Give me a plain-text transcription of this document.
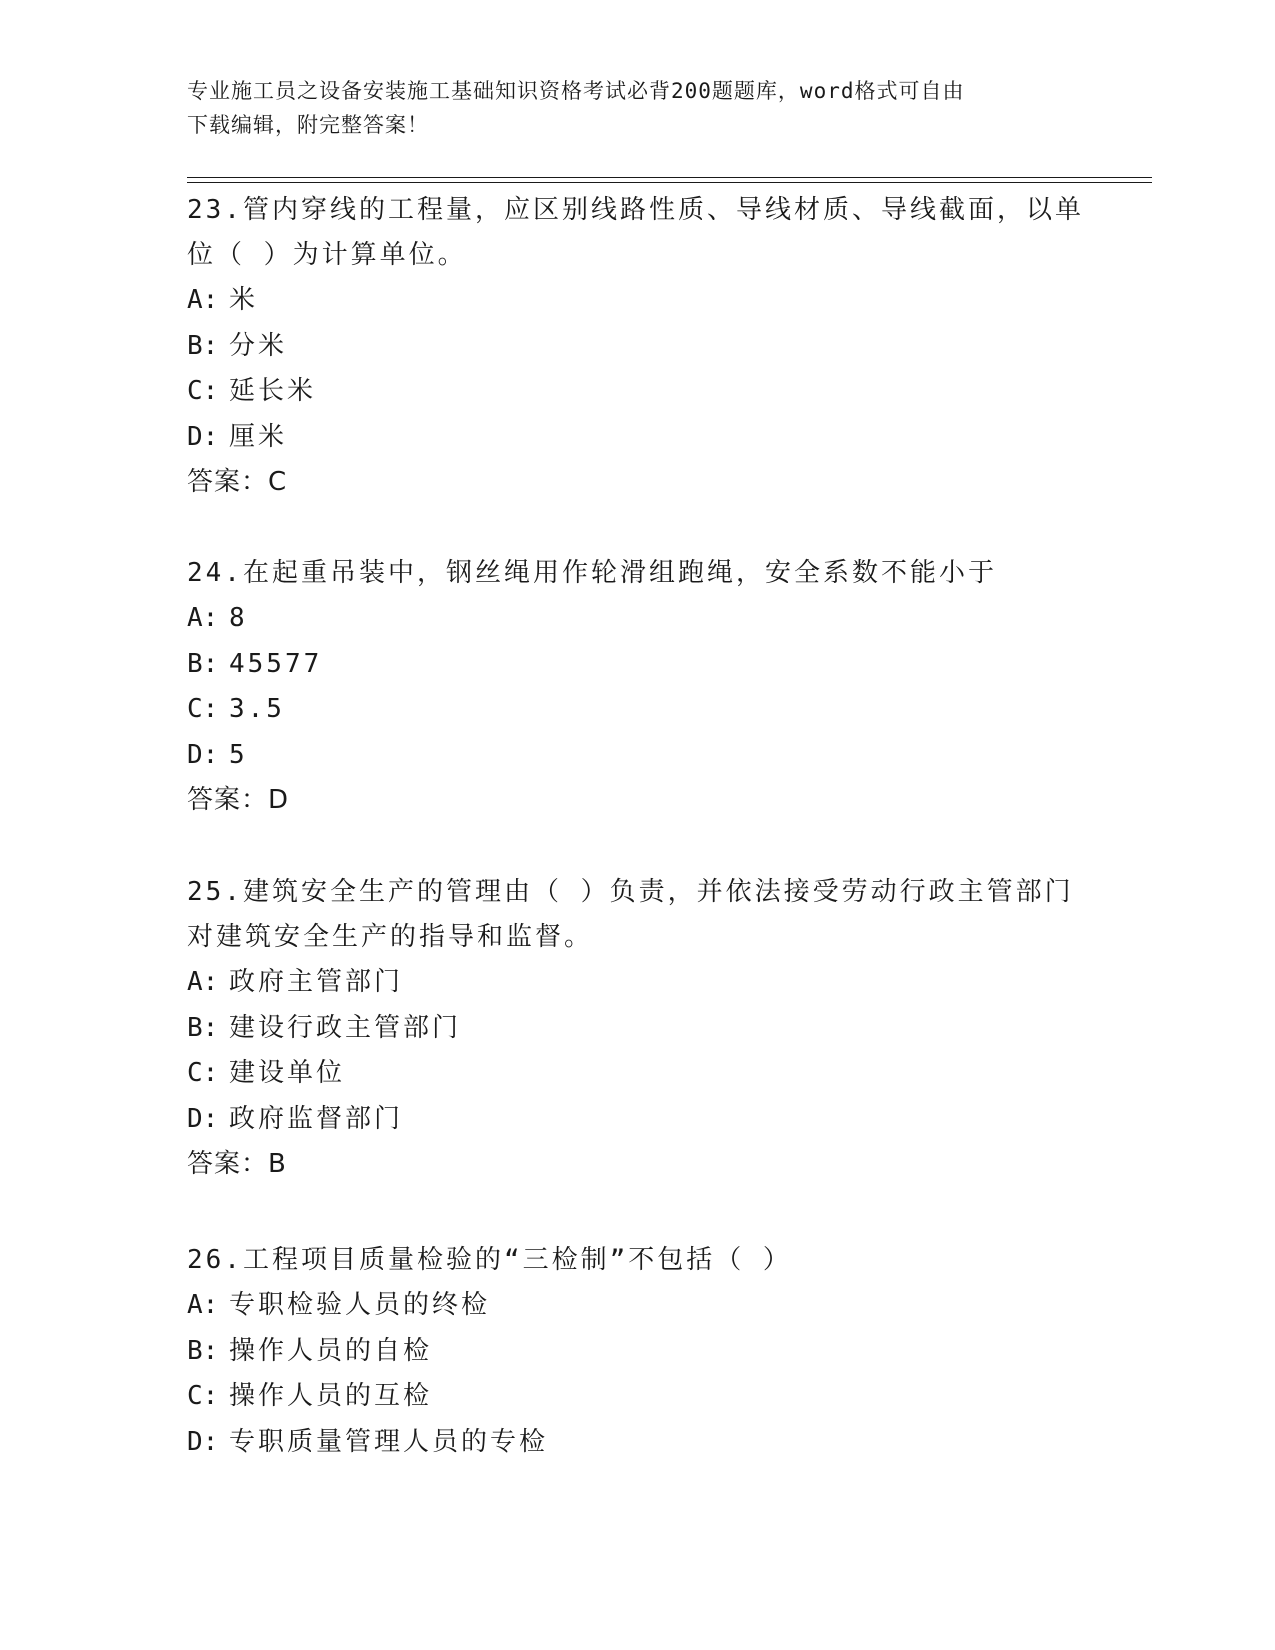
专业施工员之设备安装施工基础知识资格考试必背200题题库，word格式可自由
下载编辑，附完整答案！
23.管内穿线的工程量，应区别线路性质、导线材质、导线截面，以单
位（ ）为计算单位。
A: 米
B: 分米
C: 延长米
D: 厘米
答案：C
24.在起重吊装中，钢丝绳用作轮滑组跑绳，安全系数不能小于
A: 8
B: 45577
C: 3.5
D: 5
答案：D
25.建筑安全生产的管理由（ ）负责，并依法接受劳动行政主管部门
对建筑安全生产的指导和监督。
A: 政府主管部门
B: 建设行政主管部门
C: 建设单位
D: 政府监督部门
答案：B
26.工程项目质量检验的“三检制”不包括（ ）
A: 专职检验人员的终检
B: 操作人员的自检
C: 操作人员的互检
D: 专职质量管理人员的专检
